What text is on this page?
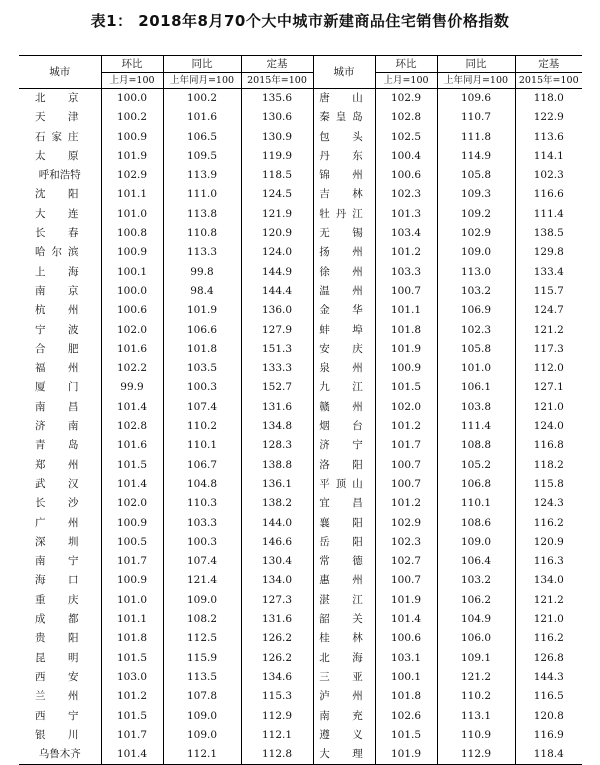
表1： 2018年8月70个大中城市新建商品住宅销售价格指数
城市	环比	同比	定基	城市	环比	同比	定基
	上月=100	上年同月=100	2015年=100		上月=100	上年同月=100	2015年=100
北　京	100.0	100.2	135.6	唐　山	102.9	109.6	118.0
天　津	100.2	101.6	130.6	秦皇岛	102.8	110.7	122.9
石家庄	100.9	106.5	130.9	包　头	102.5	111.8	113.6
太　原	101.9	109.5	119.9	丹　东	100.4	114.9	114.1
呼和浩特	102.9	113.9	118.5	锦　州	100.6	105.8	102.3
沈　阳	101.1	111.0	124.5	吉　林	102.3	109.3	116.6
大　连	101.0	113.8	121.9	牡丹江	101.3	109.2	111.4
长　春	100.8	110.8	120.9	无　锡	103.4	102.9	138.5
哈尔滨	100.9	113.3	124.0	扬　州	101.2	109.0	129.8
上　海	100.1	99.8	144.9	徐　州	103.3	113.0	133.4
南　京	100.0	98.4	144.4	温　州	100.7	103.2	115.7
杭　州	100.6	101.9	136.0	金　华	101.1	106.9	124.7
宁　波	102.0	106.6	127.9	蚌　埠	101.8	102.3	121.2
合　肥	101.6	101.8	151.3	安　庆	101.9	105.8	117.3
福　州	102.2	103.5	133.3	泉　州	100.9	101.0	112.0
厦　门	99.9	100.3	152.7	九　江	101.5	106.1	127.1
南　昌	101.4	107.4	131.6	赣　州	102.0	103.8	121.0
济　南	102.8	110.2	134.8	烟　台	101.2	111.4	124.0
青　岛	101.6	110.1	128.3	济　宁	101.7	108.8	116.8
郑　州	101.5	106.7	138.8	洛　阳	100.7	105.2	118.2
武　汉	101.4	104.8	136.1	平顶山	100.7	106.8	115.8
长　沙	102.0	110.3	138.2	宜　昌	101.2	110.1	124.3
广　州	100.9	103.3	144.0	襄　阳	102.9	108.6	116.2
深　圳	100.5	100.3	146.6	岳　阳	102.3	109.0	120.9
南　宁	101.7	107.4	130.4	常　德	102.7	106.4	116.3
海　口	100.9	121.4	134.0	惠　州	100.7	103.2	134.0
重　庆	101.0	109.0	127.3	湛　江	101.9	106.2	121.2
成　都	101.1	108.2	131.6	韶　关	101.4	104.9	121.0
贵　阳	101.8	112.5	126.2	桂　林	100.6	106.0	116.2
昆　明	101.5	115.9	126.2	北　海	103.1	109.1	126.8
西　安	103.0	113.5	134.6	三　亚	100.1	121.2	144.3
兰　州	101.2	107.8	115.3	泸　州	101.8	110.2	116.5
西　宁	101.5	109.0	112.9	南　充	102.6	113.1	120.8
银　川	101.7	109.0	112.1	遵　义	101.5	110.9	116.9
乌鲁木齐	101.4	112.1	112.8	大　理	101.9	112.9	118.4
